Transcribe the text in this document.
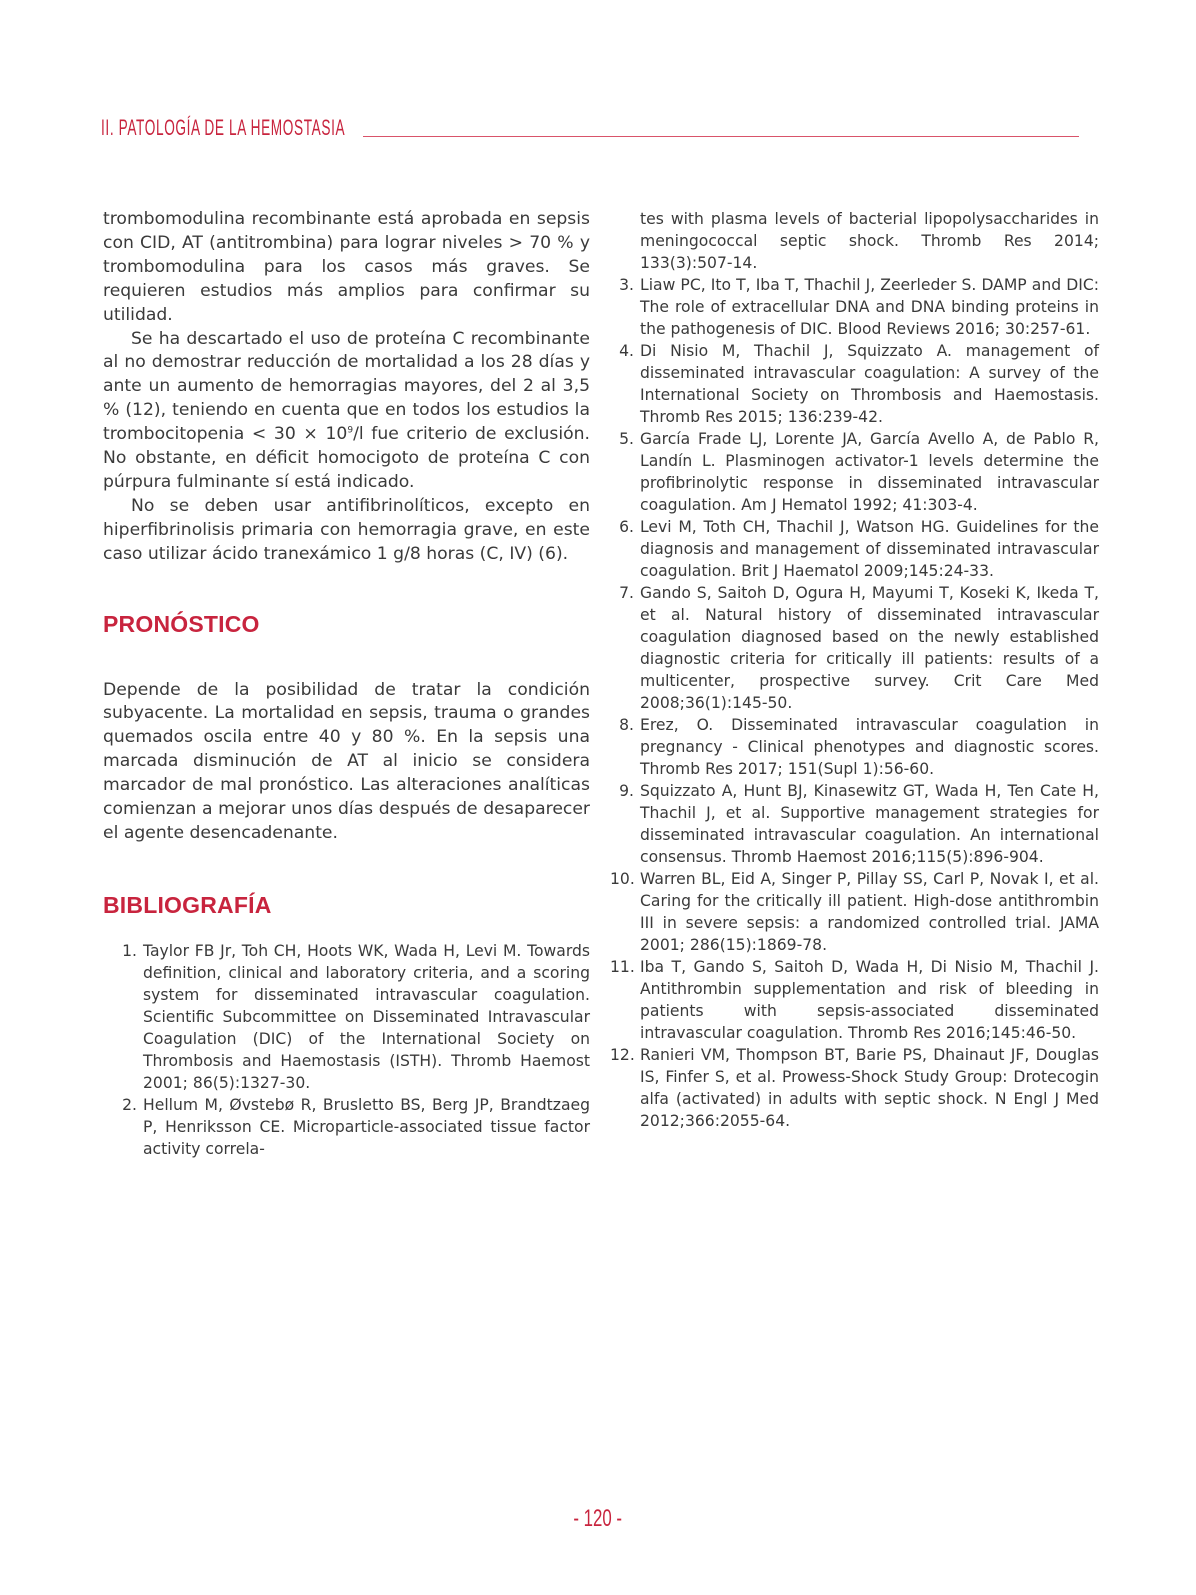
II. PATOLOGÍA DE LA HEMOSTASIA

trombomodulina recombinante está aprobada en sepsis con CID, AT (antitrombina) para lograr niveles > 70 % y trombomodulina para los casos más graves. Se requieren estudios más amplios para confirmar su utilidad.

Se ha descartado el uso de proteína C recombinante al no demostrar reducción de mortalidad a los 28 días y ante un aumento de hemorragias mayores, del 2 al 3,5 % (12), teniendo en cuenta que en todos los estudios la trombocitopenia < $30 \times 10^9/l$ fue criterio de exclusión. No obstante, en déficit homocigoto de proteína C con púrpura fulminante sí está indicado.

No se deben usar antifibrinolíticos, excepto en hiperfibrinolisis primaria con hemorragia grave, en este caso utilizar ácido tranexámico 1 g/8 horas (C, IV) (6).

PRONÓSTICO

Depende de la posibilidad de tratar la condición subyacente. La mortalidad en sepsis, trauma o grandes quemados oscila entre 40 y 80 %. En la sepsis una marcada disminución de AT al inicio se considera marcador de mal pronóstico. Las alteraciones analíticas comienzan a mejorar unos días después de desaparecer el agente desencadenante.

BIBLIOGRAFÍA
1. Taylor FB Jr, Toh CH, Hoots WK, Wada H, Levi M. Towards definition, clinical and laboratory criteria, and a scoring system for disseminated intravascular coagulation. Scientific Subcommittee on Disseminated Intravascular Coagulation (DIC) of the International Society on Thrombosis and Haemostasis (ISTH). Thromb Haemost 2001; 86(5):1327-30.
2. Hellum M, Øvstebø R, Brusletto BS, Berg JP, Brandtzaeg P, Henriksson CE. Microparticle-associated tissue factor activity correla-
tes with plasma levels of bacterial lipopolysaccharides in meningococcal septic shock. Thromb Res 2014; 133(3):507-14.
3. Liaw PC, Ito T, Iba T, Thachil J, Zeerleder S. DAMP and DIC: The role of extracellular DNA and DNA binding proteins in the pathogenesis of DIC. Blood Reviews 2016; 30:257-61.
4. Di Nisio M, Thachil J, Squizzato A. management of disseminated intravascular coagulation: A survey of the International Society on Thrombosis and Haemostasis. Thromb Res 2015; 136:239-42.
5. García Frade LJ, Lorente JA, García Avello A, de Pablo R, Landín L. Plasminogen activator-1 levels determine the profibrinolytic response in disseminated intravascular coagulation. Am J Hematol 1992; 41:303-4.
6. Levi M, Toth CH, Thachil J, Watson HG. Guidelines for the diagnosis and management of disseminated intravascular coagulation. Brit J Haematol 2009;145:24-33.
7. Gando S, Saitoh D, Ogura H, Mayumi T, Koseki K, Ikeda T, et al. Natural history of disseminated intravascular coagulation diagnosed based on the newly established diagnostic criteria for critically ill patients: results of a multicenter, prospective survey. Crit Care Med 2008;36(1):145-50.
8. Erez, O. Disseminated intravascular coagulation in pregnancy - Clinical phenotypes and diagnostic scores. Thromb Res 2017; 151(Supl 1):56-60.
9. Squizzato A, Hunt BJ, Kinasewitz GT, Wada H, Ten Cate H, Thachil J, et al. Supportive management strategies for disseminated intravascular coagulation. An international consensus. Thromb Haemost 2016;115(5):896-904.
10. Warren BL, Eid A, Singer P, Pillay SS, Carl P, Novak I, et al. Caring for the critically ill patient. High-dose antithrombin III in severe sepsis: a randomized controlled trial. JAMA 2001; 286(15):1869-78.
11. Iba T, Gando S, Saitoh D, Wada H, Di Nisio M, Thachil J. Antithrombin supplementation and risk of bleeding in patients with sepsis-associated disseminated intravascular coagulation. Thromb Res 2016;145:46-50.
12. Ranieri VM, Thompson BT, Barie PS, Dhainaut JF, Douglas IS, Finfer S, et al. Prowess-Shock Study Group: Drotecogin alfa (activated) in adults with septic shock. N Engl J Med 2012;366:2055-64.
- 120 -
